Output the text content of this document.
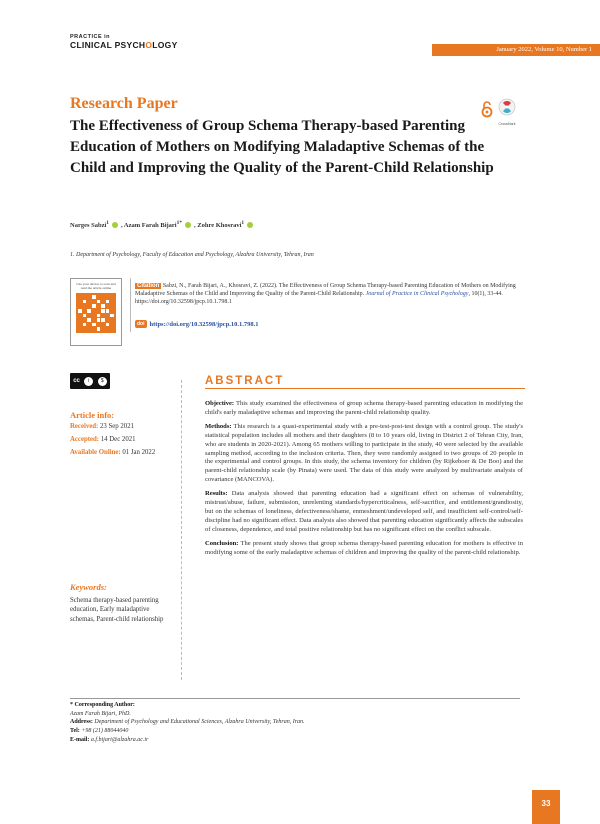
PRACTICE in
CLINICAL PSYCHOLOGY	January 2022, Volume 10, Number 1
Research Paper
CrossMark
The Effectiveness of Group Schema Therapy-based Parenting Education of Mothers on Modifying Maladaptive Schemas of the Child and Improving the Quality of the Parent-Child Relationship
Narges Sabzi$^1$ , Azam Farah Bijari$^{1*}$ , Zohre Khosravi$^1$
1. Department of Psychology, Faculty of Education and Psychology, Alzahra University, Tehran, Iran
Use your device to scan and read the article online	Citation Sabzi, N., Farah Bijari, A., Khosravi, Z. (2022). The Effectiveness of Group Schema Therapy-based Parenting Education of Mothers on Modifying Maladaptive Schemas of the Child and Improving the Quality of the Parent-Child Relationship. Journal of Practice in Clinical Psychology, 10(1), 33-44. https://doi.org/10.32598/jpcp.10.1.798.1
doi https://doi.org/10.32598/jpcp.10.1.798.1
cc	i	$
Article info:
Received: 23 Sep 2021
Accepted: 14 Dec 2021
Available Online: 01 Jan 2022
Keywords:
Schema therapy-based parenting education, Early maladaptive schemas, Parent-child relationship
ABSTRACT

Objective: This study examined the effectiveness of group schema therapy-based parenting education in modifying the child's early maladaptive schemas and improving the parent-child relationship quality.

Methods: This research is a quasi-experimental study with a pre-test-post-test design with a control group. The study's statistical population includes all mothers and their daughters (8 to 10 years old, living in District 2 of Tehran City, Iran, who are students in 2020-2021). Among 65 mothers willing to participate in the study, 40 were selected by the available sampling method, according to the inclusion criteria. Then, they were randomly assigned to two groups of 20 people in the experimental and control groups. In this study, the schema inventory for children (by Rijkeboer & De Boo) and the parent-child relationship scale (by Pinata) were used. The data of this study were analyzed by multivariate analysis of covariance (MANCOVA).

Results: Data analysis showed that parenting education had a significant effect on schemas of vulnerability, mistrust/abuse, failure, submission, unrelenting standards/hypercriticalness, self-sacrifice, and entitlement/grandiosity, but on the schemas of loneliness, defectiveness/shame, enmeshment/undeveloped self, and insufficient self-control/self-discipline had no significant effect. Data analysis also showed that parenting education significantly affects the subscales of closeness, dependence, and total positive relationship but has no significant effect on the conflict subscale.

Conclusion: The present study shows that group schema therapy-based parenting education for mothers is effective in modifying some of the early maladaptive schemas of children and improving the quality of the parent-child relationship.

* Corresponding Author:
Azam Farah Bijari, PhD.
Address: Department of Psychology and Educational Sciences, Alzahra University, Tehran, Iran.
Tel: +98 (21) 88044040
E-mail: a.f.bijari@alzahra.ac.ir
33
